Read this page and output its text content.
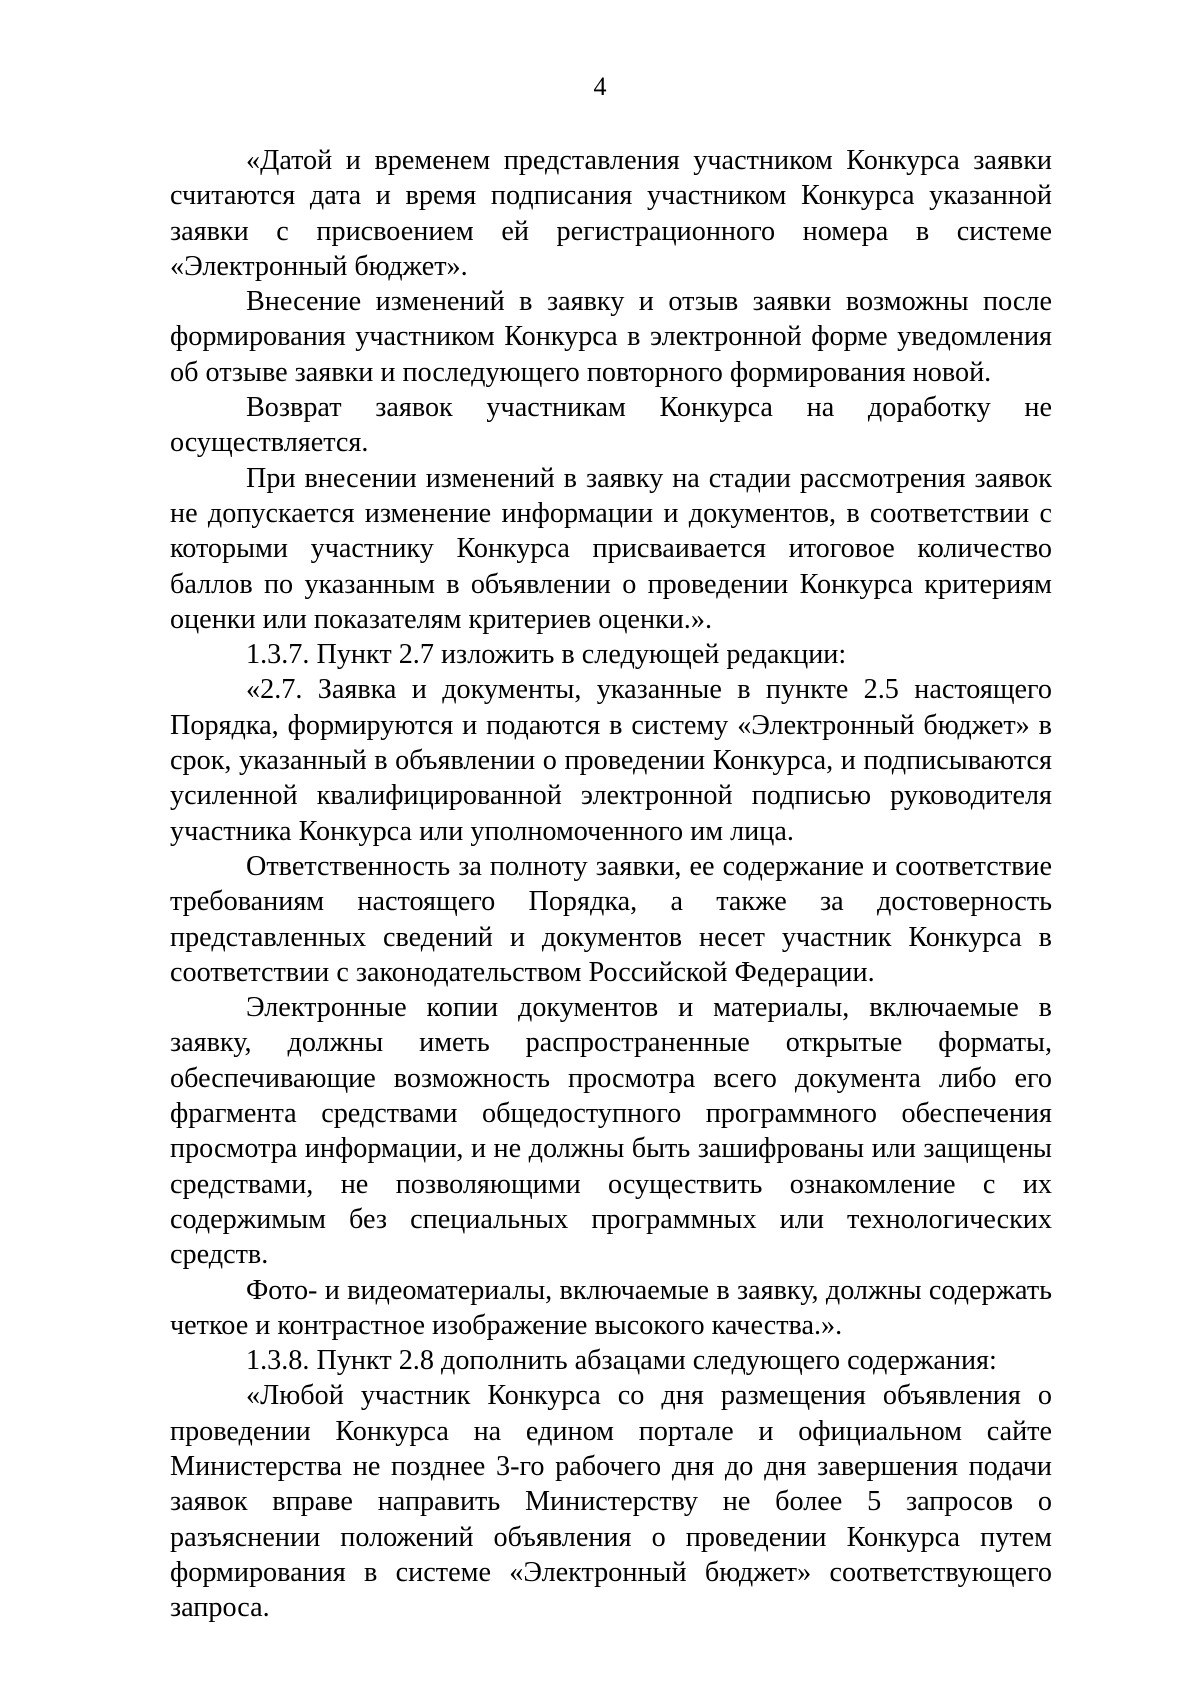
4

«Датой и временем представления участником Конкурса заявки считаются дата и время подписания участником Конкурса указанной заявки с присвоением ей регистрационного номера в системе «Электронный бюджет».

Внесение изменений в заявку и отзыв заявки возможны после формирования участником Конкурса в электронной форме уведомления об отзыве заявки и последующего повторного формирования новой.

Возврат заявок участникам Конкурса на доработку не осуществляется.

При внесении изменений в заявку на стадии рассмотрения заявок не допускается изменение информации и документов, в соответствии с которыми участнику Конкурса присваивается итоговое количество баллов по указанным в объявлении о проведении Конкурса критериям оценки или показателям критериев оценки.».

1.3.7. Пункт 2.7 изложить в следующей редакции:

«2.7. Заявка и документы, указанные в пункте 2.5 настоящего Порядка, формируются и подаются в систему «Электронный бюджет» в срок, указанный в объявлении о проведении Конкурса, и подписываются усиленной квалифицированной электронной подписью руководителя участника Конкурса или уполномоченного им лица.

Ответственность за полноту заявки, ее содержание и соответствие требованиям настоящего Порядка, а также за достоверность представленных сведений и документов несет участник Конкурса в соответствии с законодательством Российской Федерации.

Электронные копии документов и материалы, включаемые в заявку, должны иметь распространенные открытые форматы, обеспечивающие возможность просмотра всего документа либо его фрагмента средствами общедоступного программного обеспечения просмотра информации, и не должны быть зашифрованы или защищены средствами, не позволяющими осуществить ознакомление с их содержимым без специальных программных или технологических средств.

Фото- и видеоматериалы, включаемые в заявку, должны содержать четкое и контрастное изображение высокого качества.».

1.3.8. Пункт 2.8 дополнить абзацами следующего содержания:

«Любой участник Конкурса со дня размещения объявления о проведении Конкурса на едином портале и официальном сайте Министерства не позднее 3-го рабочего дня до дня завершения подачи заявок вправе направить Министерству не более 5 запросов о разъяснении положений объявления о проведении Конкурса путем формирования в системе «Электронный бюджет» соответствующего запроса.
